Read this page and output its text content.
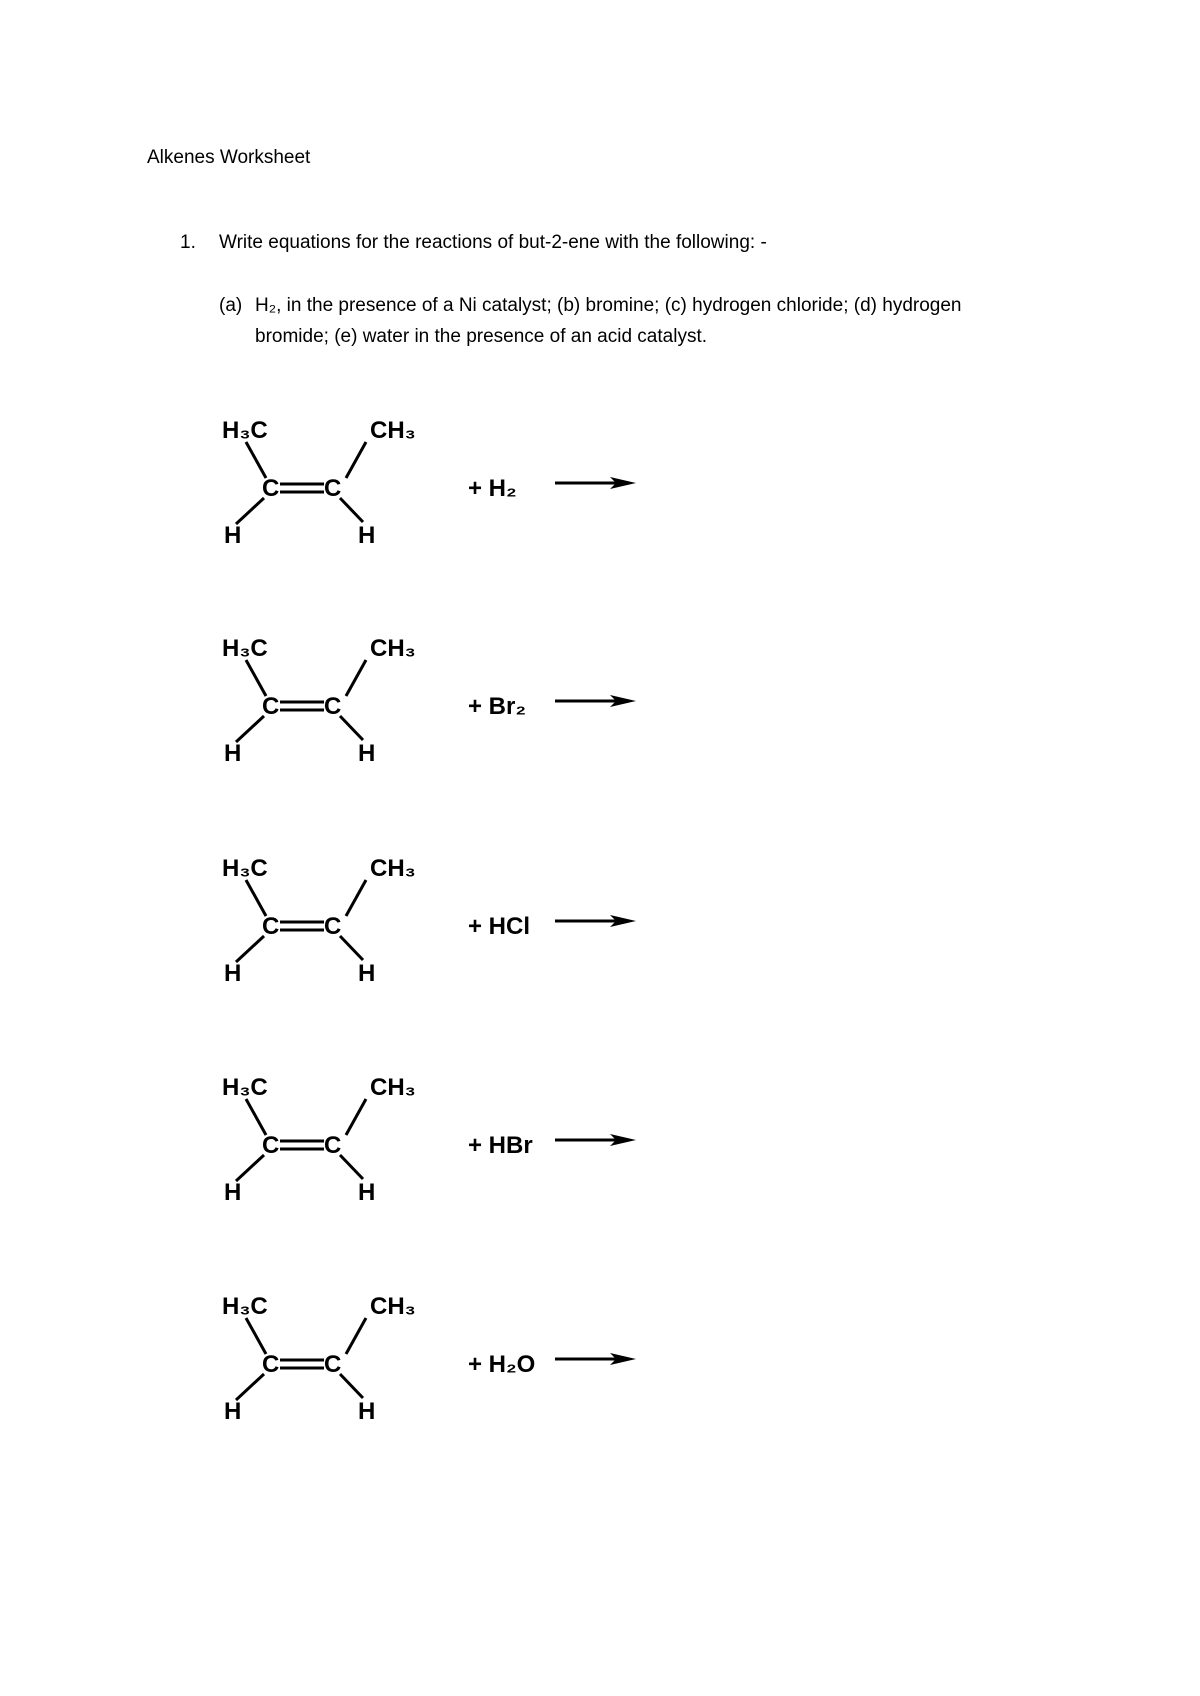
Alkenes Worksheet
1. Write equations for the reactions of but-2-ene with the following: -
(a) H₂, in the presence of a Ni catalyst; (b) bromine; (c) hydrogen chloride; (d) hydrogen
bromide; (e) water in the presence of an acid catalyst.
H₃C	CH₃
C C
H	H
+ H₂
H₃C	CH₃
C C
H	H
+ Br₂
H₃C	CH₃
C C
H	H
+ HCl
H₃C	CH₃
C C
H	H
+ HBr
H₃C	CH₃
C C
H	H
+ H₂O
